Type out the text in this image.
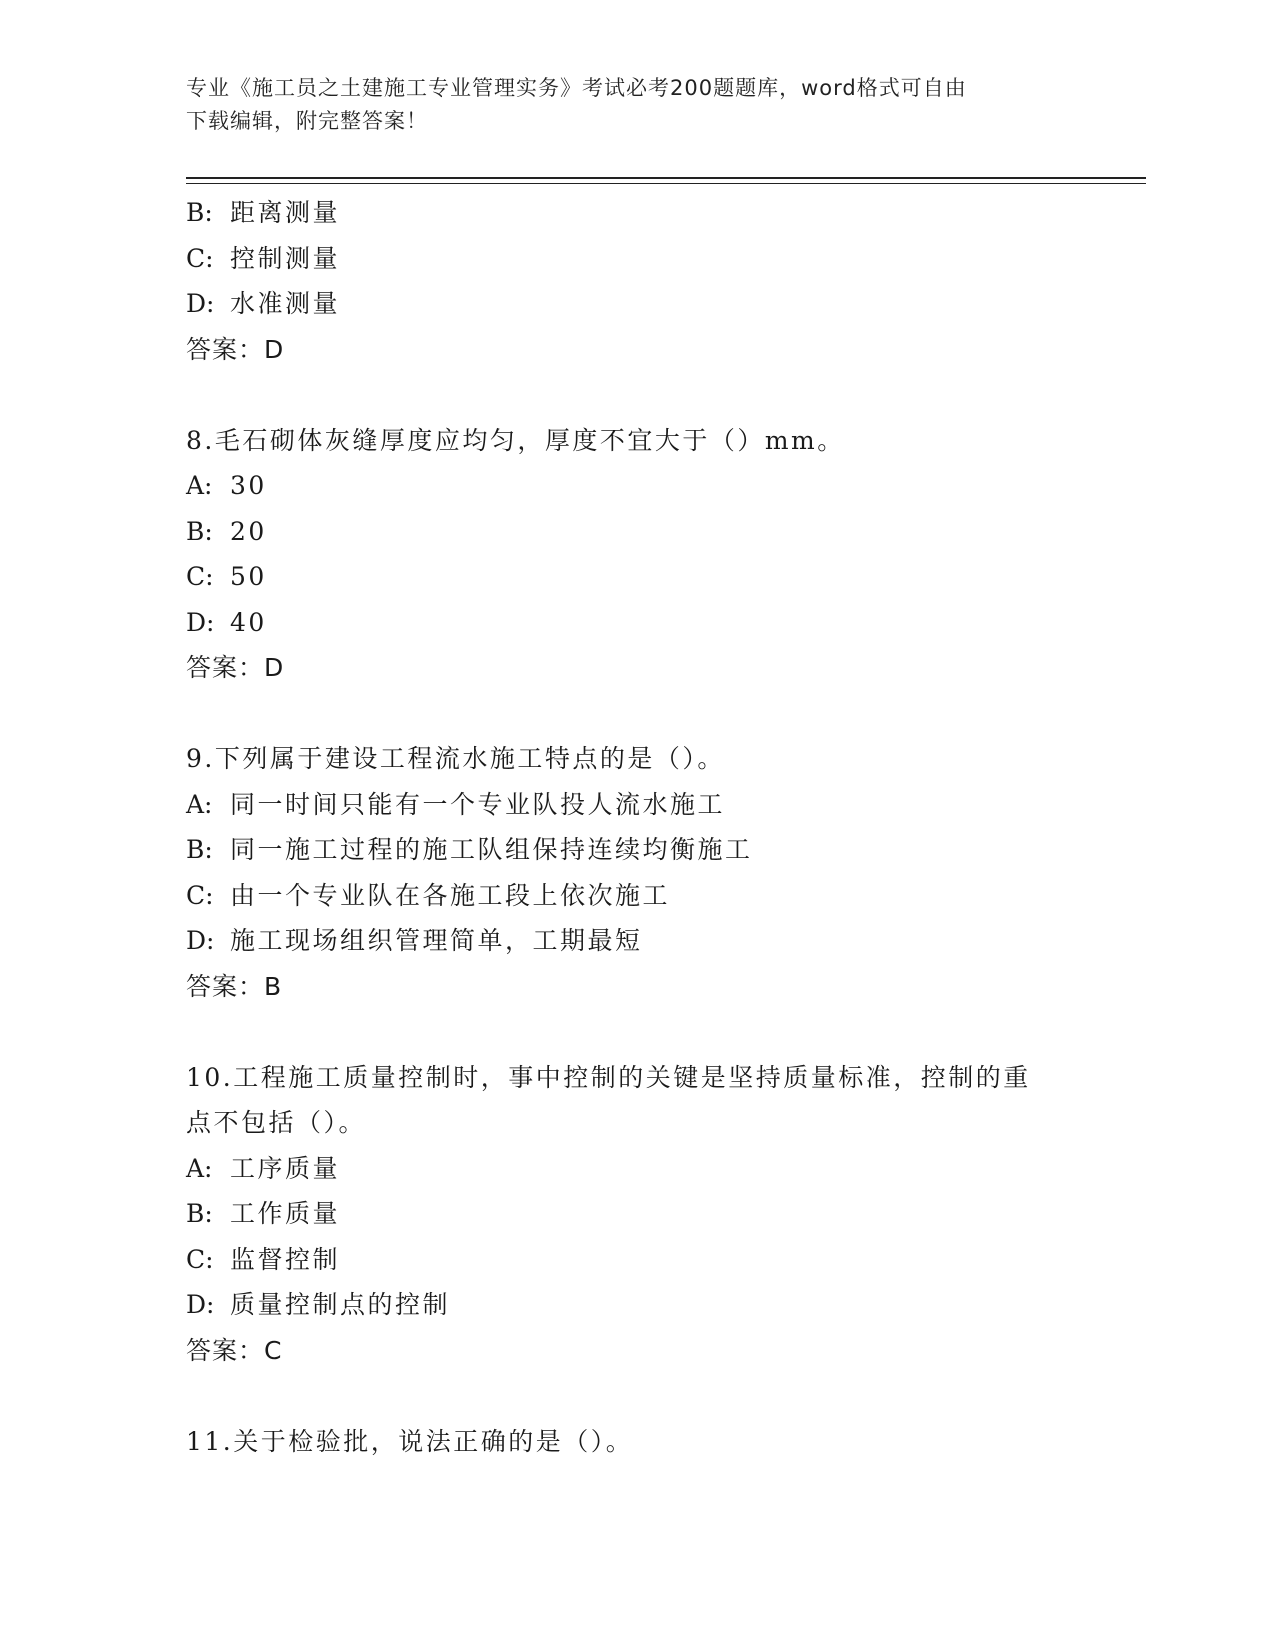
专业《施工员之土建施工专业管理实务》考试必考200题题库，word格式可自由
下载编辑，附完整答案！
B: 距离测量
C: 控制测量
D: 水准测量
答案：D
8.毛石砌体灰缝厚度应均匀，厚度不宜大于（）mm。
A: 30
B: 20
C: 50
D: 40
答案：D
9.下列属于建设工程流水施工特点的是（）。
A: 同一时间只能有一个专业队投人流水施工
B: 同一施工过程的施工队组保持连续均衡施工
C: 由一个专业队在各施工段上依次施工
D: 施工现场组织管理简单，工期最短
答案：B
10.工程施工质量控制时，事中控制的关键是坚持质量标准，控制的重
点不包括（）。
A: 工序质量
B: 工作质量
C: 监督控制
D: 质量控制点的控制
答案：C
11.关于检验批，说法正确的是（）。
